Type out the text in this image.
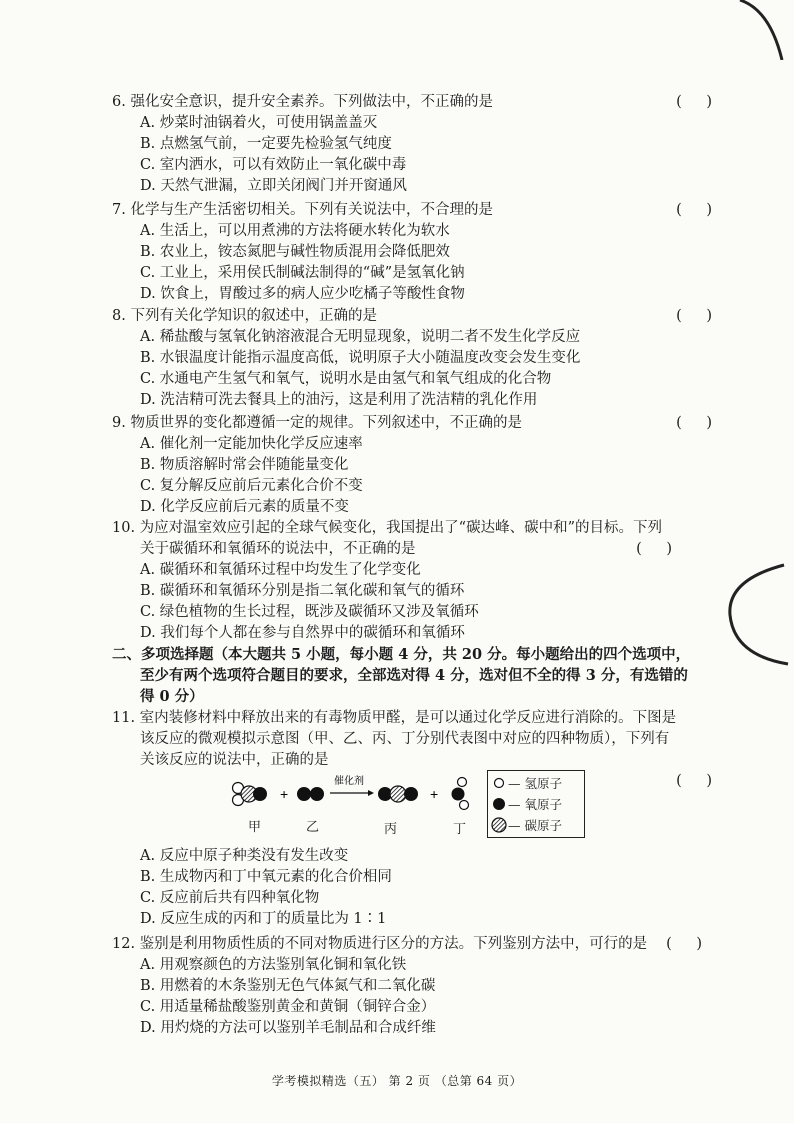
6. 强化安全意识，提升安全素养。下列做法中，不正确的是	( )
A. 炒菜时油锅着火，可使用锅盖盖灭
B. 点燃氢气前，一定要先检验氢气纯度
C. 室内洒水，可以有效防止一氧化碳中毒
D. 天然气泄漏，立即关闭阀门并开窗通风
7. 化学与生产生活密切相关。下列有关说法中，不合理的是	( )
A. 生活上，可以用煮沸的方法将硬水转化为软水
B. 农业上，铵态氮肥与碱性物质混用会降低肥效
C. 工业上，采用侯氏制碱法制得的“碱”是氢氧化钠
D. 饮食上，胃酸过多的病人应少吃橘子等酸性食物
8. 下列有关化学知识的叙述中，正确的是	( )
A. 稀盐酸与氢氧化钠溶液混合无明显现象，说明二者不发生化学反应
B. 水银温度计能指示温度高低，说明原子大小随温度改变会发生变化
C. 水通电产生氢气和氧气，说明水是由氢气和氧气组成的化合物
D. 洗洁精可洗去餐具上的油污，这是利用了洗洁精的乳化作用
9. 物质世界的变化都遵循一定的规律。下列叙述中，不正确的是	( )
A. 催化剂一定能加快化学反应速率
B. 物质溶解时常会伴随能量变化
C. 复分解反应前后元素化合价不变
D. 化学反应前后元素的质量不变
10. 为应对温室效应引起的全球气候变化，我国提出了“碳达峰、碳中和”的目标。下列
关于碳循环和氧循环的说法中，不正确的是	( )
A. 碳循环和氧循环过程中均发生了化学变化
B. 碳循环和氧循环分别是指二氧化碳和氧气的循环
C. 绿色植物的生长过程，既涉及碳循环又涉及氧循环
D. 我们每个人都在参与自然界中的碳循环和氧循环
二、多项选择题（本大题共 5 小题，每小题 4 分，共 20 分。每小题给出的四个选项中，
至少有两个选项符合题目的要求，全部选对得 4 分，选对但不全的得 3 分，有选错的
得 0 分）
11. 室内装修材料中释放出来的有毒物质甲醛，是可以通过化学反应进行消除的。下图是
该反应的微观模拟示意图（甲、乙、丙、丁分别代表图中对应的四种物质），下列有
关该反应的说法中，正确的是
( )
+
催化剂
+
甲	乙	丙	丁
— 氢原子
— 氧原子
— 碳原子
A. 反应中原子种类没有发生改变
B. 生成物丙和丁中氧元素的化合价相同
C. 反应前后共有四种氧化物
D. 反应生成的丙和丁的质量比为 1∶1
12. 鉴别是利用物质性质的不同对物质进行区分的方法。下列鉴别方法中，可行的是 ( )
A. 用观察颜色的方法鉴别氧化铜和氧化铁
B. 用燃着的木条鉴别无色气体氮气和二氧化碳
C. 用适量稀盐酸鉴别黄金和黄铜（铜锌合金）
D. 用灼烧的方法可以鉴别羊毛制品和合成纤维
学考模拟精选（五） 第 2 页 （总第 64 页）
